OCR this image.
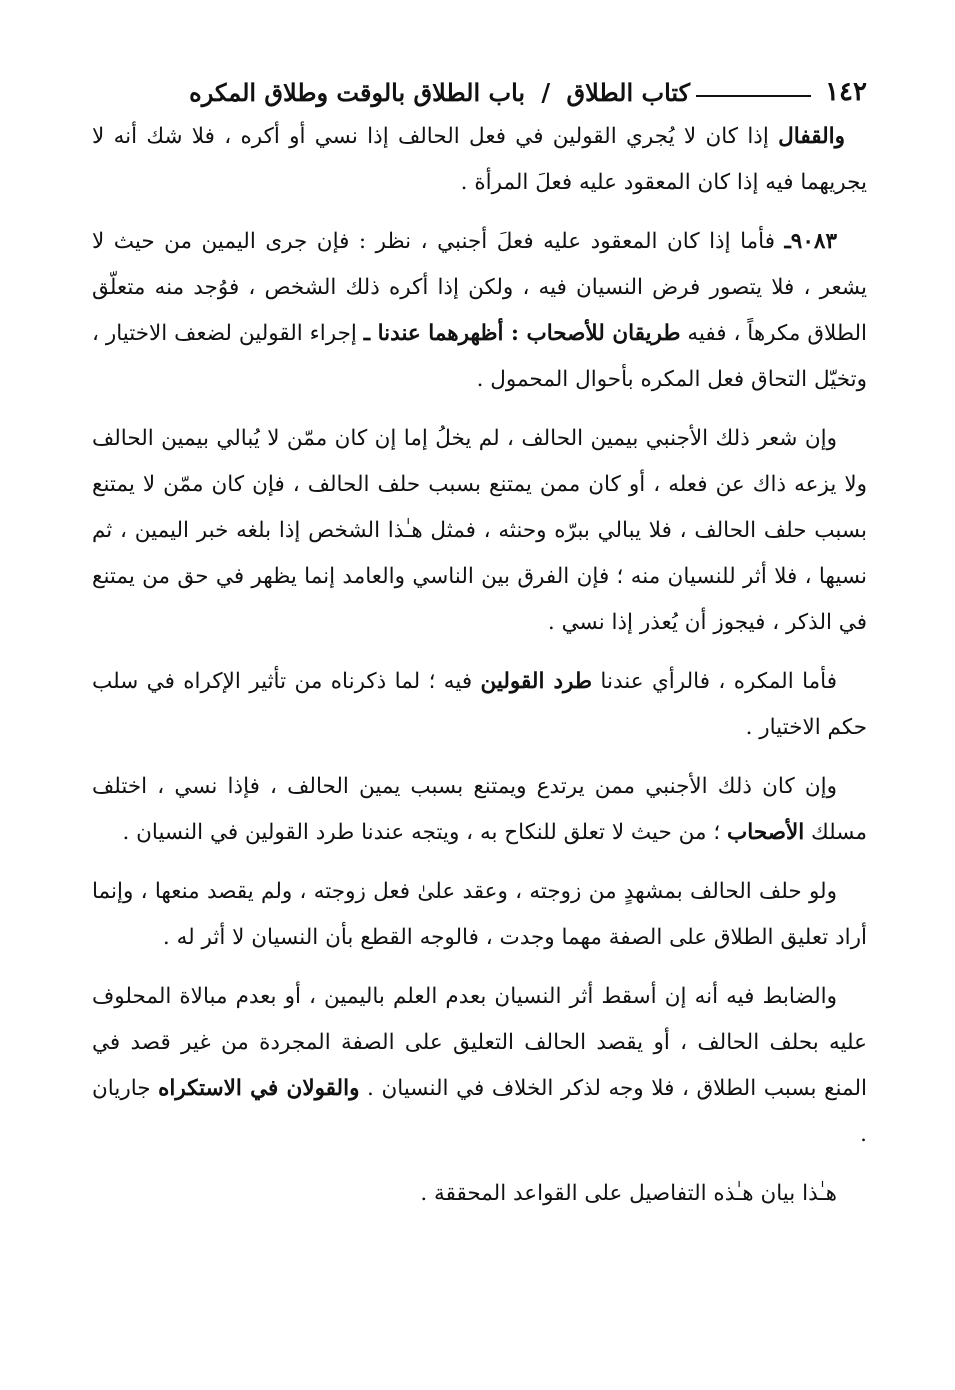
١٤٢
كتاب الطلاق / باب الطلاق بالوقت وطلاق المكره

والقفال إذا كان لا يُجري القولين في فعل الحالف إذا نسي أو أكره ، فلا شك أنه لا يجريهما فيه إذا كان المعقود عليه فعلَ المرأة .

٩٠٨٣ـ فأما إذا كان المعقود عليه فعلَ أجنبي ، نظر : فإن جرى اليمين من حيث لا يشعر ، فلا يتصور فرض النسيان فيه ، ولكن إذا أكره ذلك الشخص ، فوُجد منه متعلّق الطلاق مكرهاً ، ففيه طريقان للأصحاب : أظهرهما عندنا ـ إجراء القولين لضعف الاختيار ، وتخيّل التحاق فعل المكره بأحوال المحمول .

وإن شعر ذلك الأجنبي بيمين الحالف ، لم يخلُ إما إن كان ممّن لا يُبالي بيمين الحالف ولا يزعه ذاك عن فعله ، أو كان ممن يمتنع بسبب حلف الحالف ، فإن كان ممّن لا يمتنع بسبب حلف الحالف ، فلا يبالي ببرّه وحنثه ، فمثل هـٰذا الشخص إذا بلغه خبر اليمين ، ثم نسيها ، فلا أثر للنسيان منه ؛ فإن الفرق بين الناسي والعامد إنما يظهر في حق من يمتنع في الذكر ، فيجوز أن يُعذر إذا نسي .

فأما المكره ، فالرأي عندنا طرد القولين فيه ؛ لما ذكرناه من تأثير الإكراه في سلب حكم الاختيار .

وإن كان ذلك الأجنبي ممن يرتدع ويمتنع بسبب يمين الحالف ، فإذا نسي ، اختلف مسلك الأصحاب ؛ من حيث لا تعلق للنكاح به ، ويتجه عندنا طرد القولين في النسيان .

ولو حلف الحالف بمشهدٍ من زوجته ، وعقد علىٰ فعل زوجته ، ولم يقصد منعها ، وإنما أراد تعليق الطلاق على الصفة مهما وجدت ، فالوجه القطع بأن النسيان لا أثر له .

والضابط فيه أنه إن أسقط أثر النسيان بعدم العلم باليمين ، أو بعدم مبالاة المحلوف عليه بحلف الحالف ، أو يقصد الحالف التعليق على الصفة المجردة من غير قصد في المنع بسبب الطلاق ، فلا وجه لذكر الخلاف في النسيان . والقولان في الاستكراه جاريان .

هـٰذا بيان هـٰذه التفاصيل على القواعد المحققة .
